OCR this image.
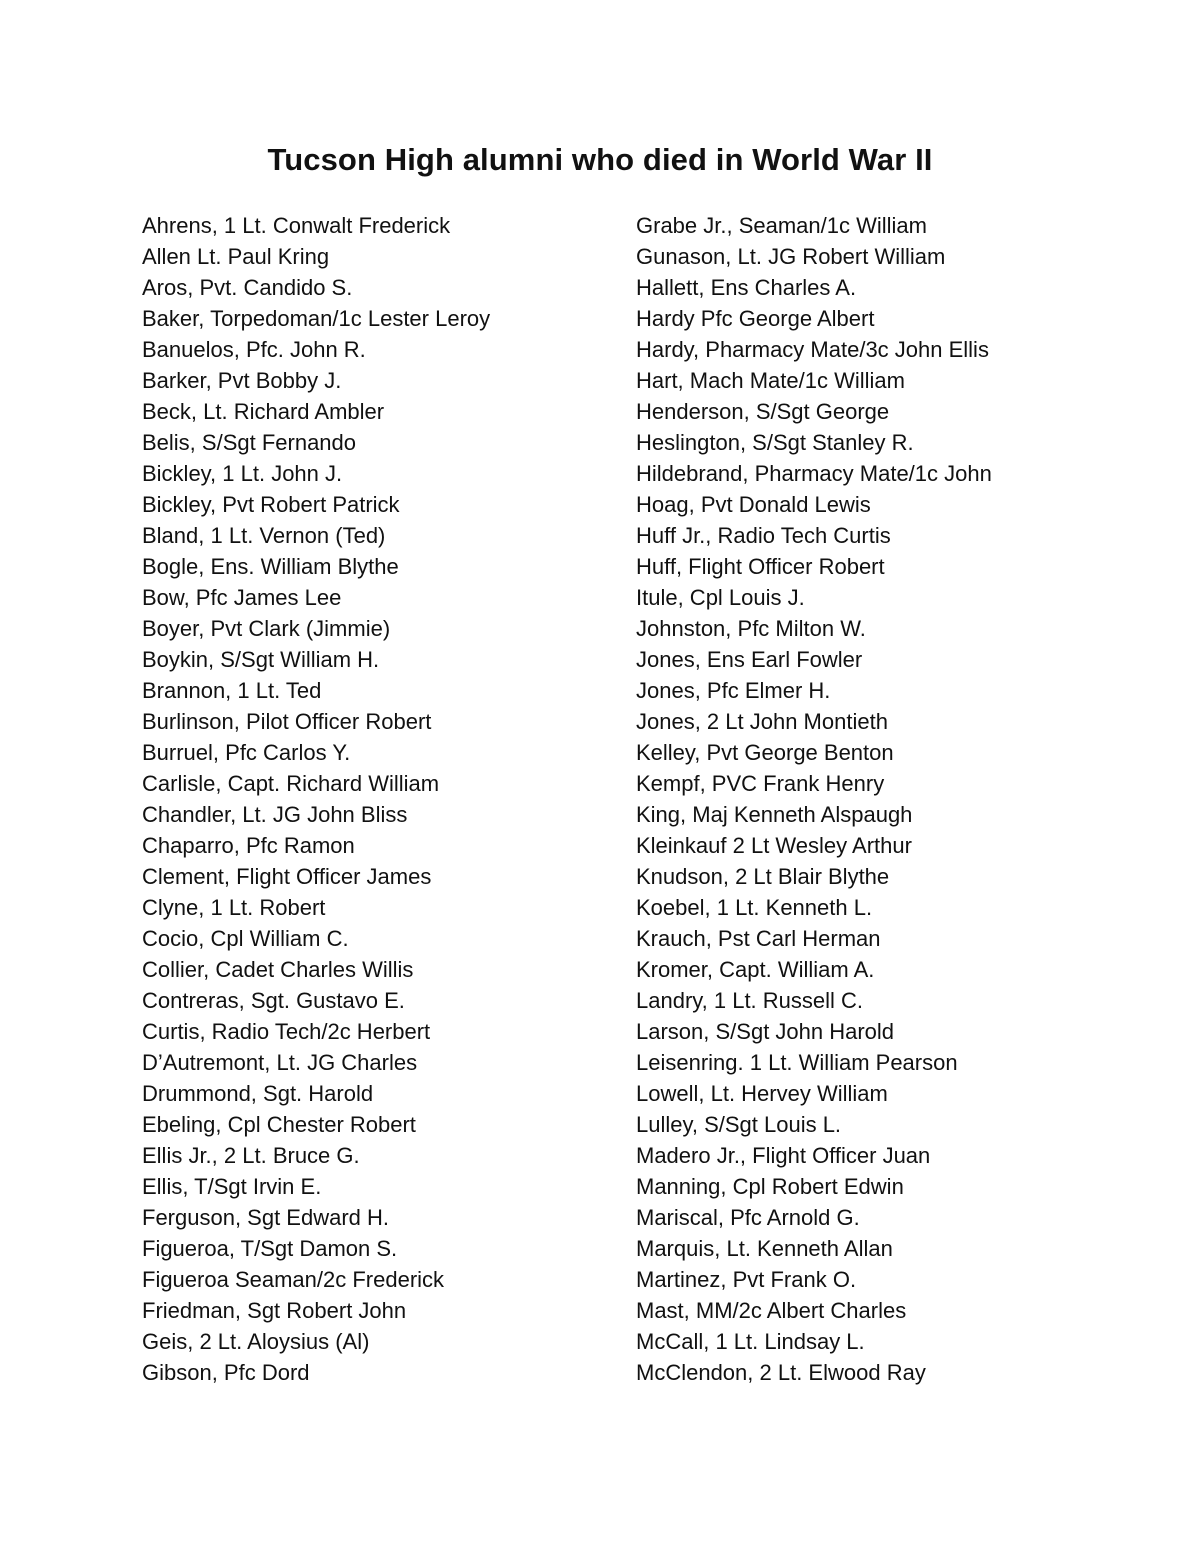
Tucson High alumni who died in World War II
Ahrens, 1 Lt. Conwalt Frederick
Allen Lt. Paul Kring
Aros, Pvt. Candido S.
Baker, Torpedoman/1c Lester Leroy
Banuelos, Pfc. John R.
Barker, Pvt Bobby J.
Beck, Lt. Richard Ambler
Belis, S/Sgt Fernando
Bickley, 1 Lt. John J.
Bickley, Pvt Robert Patrick
Bland, 1 Lt. Vernon (Ted)
Bogle, Ens. William Blythe
Bow, Pfc James Lee
Boyer, Pvt Clark (Jimmie)
Boykin, S/Sgt William H.
Brannon, 1 Lt. Ted
Burlinson, Pilot Officer Robert
Burruel, Pfc Carlos Y.
Carlisle, Capt. Richard William
Chandler, Lt. JG John Bliss
Chaparro, Pfc Ramon
Clement, Flight Officer James
Clyne, 1 Lt. Robert
Cocio, Cpl William C.
Collier, Cadet Charles Willis
Contreras, Sgt. Gustavo E.
Curtis, Radio Tech/2c Herbert
D’Autremont, Lt. JG Charles
Drummond, Sgt. Harold
Ebeling, Cpl Chester Robert
Ellis Jr., 2 Lt. Bruce G.
Ellis, T/Sgt Irvin E.
Ferguson, Sgt Edward H.
Figueroa, T/Sgt Damon S.
Figueroa Seaman/2c Frederick
Friedman, Sgt Robert John
Geis, 2 Lt. Aloysius (Al)
Gibson, Pfc Dord
Grabe Jr., Seaman/1c William
Gunason, Lt. JG Robert William
Hallett, Ens Charles A.
Hardy Pfc George Albert
Hardy, Pharmacy Mate/3c John Ellis
Hart, Mach Mate/1c William
Henderson, S/Sgt George
Heslington, S/Sgt Stanley R.
Hildebrand, Pharmacy Mate/1c John
Hoag, Pvt Donald Lewis
Huff Jr., Radio Tech Curtis
Huff, Flight Officer Robert
Itule, Cpl Louis J.
Johnston, Pfc Milton W.
Jones, Ens Earl Fowler
Jones, Pfc Elmer H.
Jones, 2 Lt John Montieth
Kelley, Pvt George Benton
Kempf, PVC Frank Henry
King, Maj Kenneth Alspaugh
Kleinkauf 2 Lt Wesley Arthur
Knudson, 2 Lt Blair Blythe
Koebel, 1 Lt. Kenneth L.
Krauch, Pst Carl Herman
Kromer, Capt. William A.
Landry, 1 Lt. Russell C.
Larson, S/Sgt John Harold
Leisenring. 1 Lt. William Pearson
Lowell, Lt. Hervey William
Lulley, S/Sgt Louis L.
Madero Jr., Flight Officer Juan
Manning, Cpl Robert Edwin
Mariscal, Pfc Arnold G.
Marquis, Lt. Kenneth Allan
Martinez, Pvt Frank O.
Mast, MM/2c Albert Charles
McCall, 1 Lt. Lindsay L.
McClendon, 2 Lt. Elwood Ray
